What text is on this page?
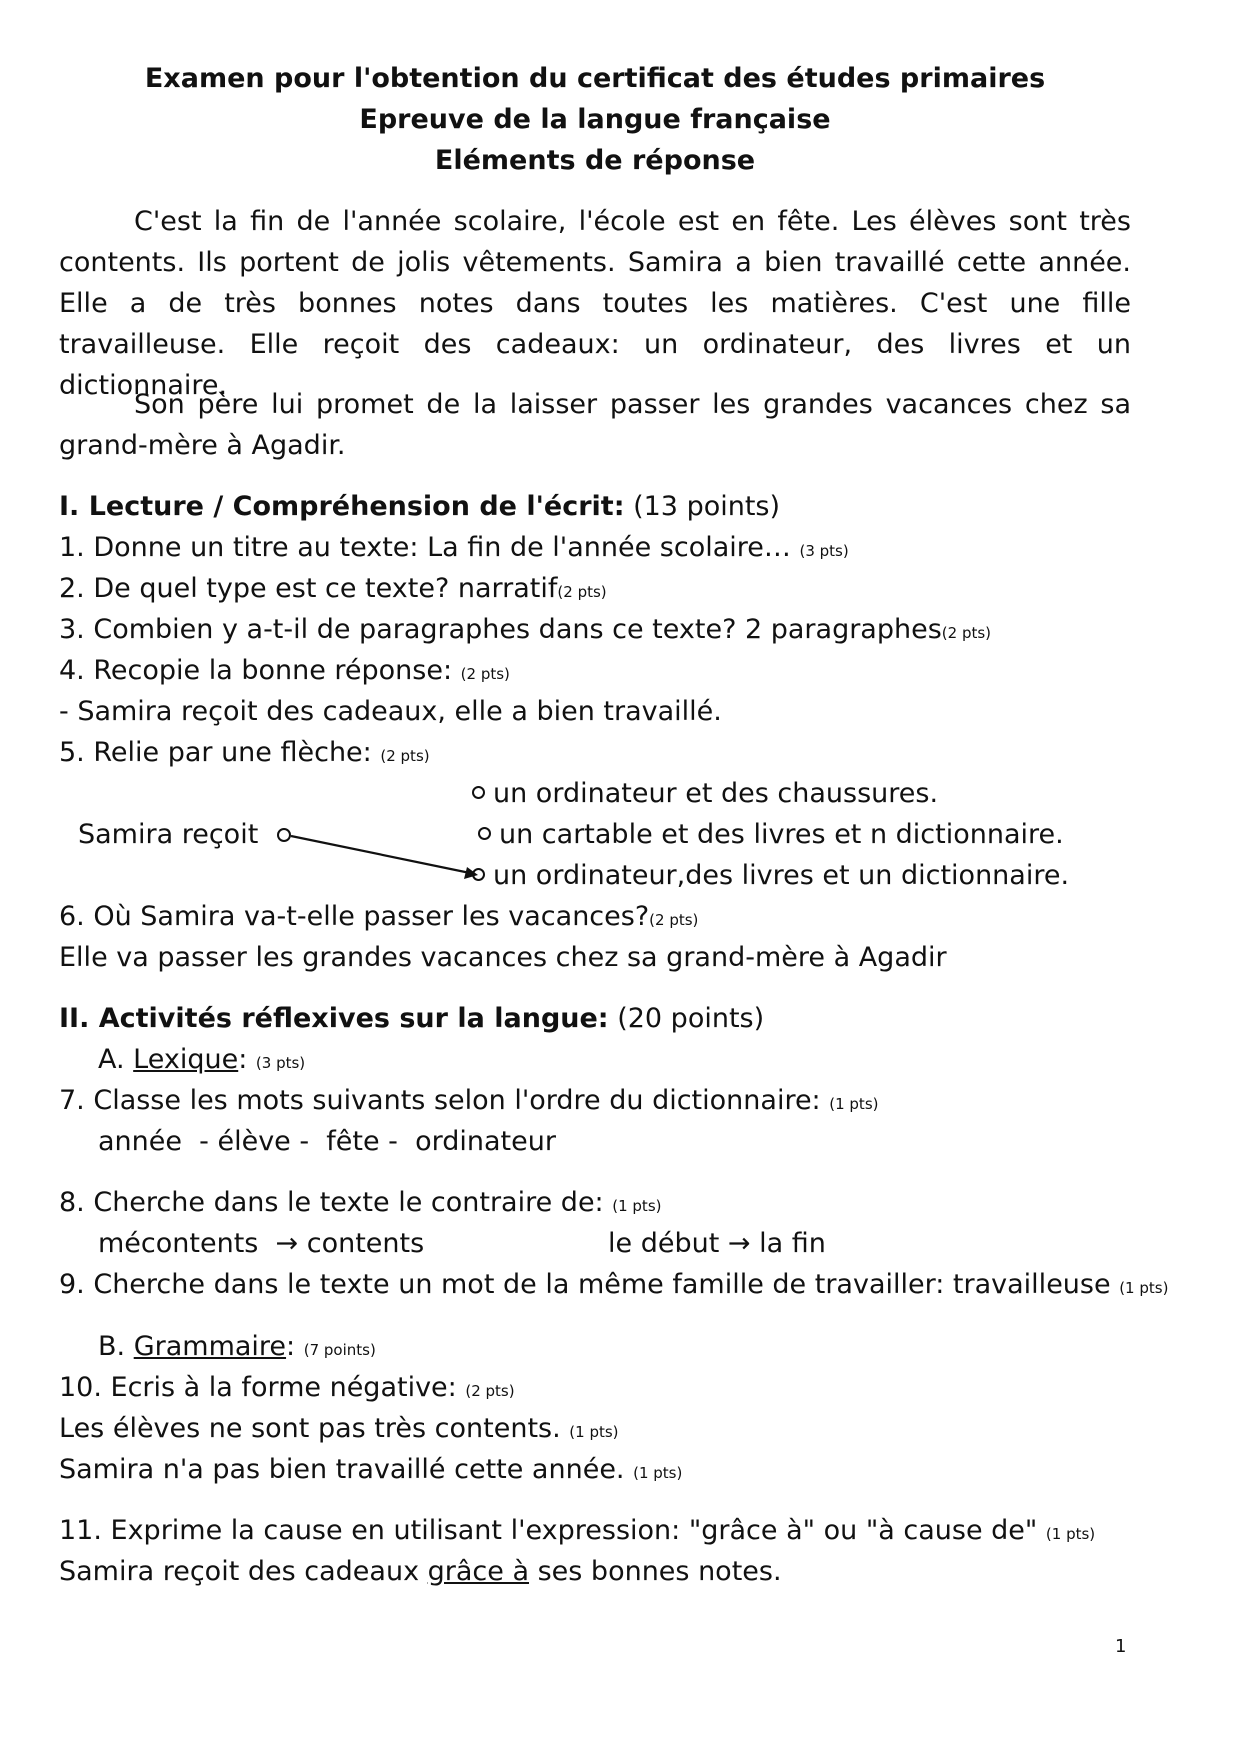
Examen pour l'obtention du certificat des études primaires
Epreuve de la langue française
Eléments de réponse

C'est la fin de l'année scolaire, l'école est en fête. Les élèves sont très contents. Ils portent de jolis vêtements. Samira a bien travaillé cette année. Elle a de très bonnes notes dans toutes les matières. C'est une fille travailleuse. Elle reçoit des cadeaux: un ordinateur, des livres et un dictionnaire.

Son père lui promet de la laisser passer les grandes vacances chez sa grand-mère à Agadir.

I. Lecture / Compréhension de l'écrit: (13 points)
1. Donne un titre au texte: La fin de l'année scolaire… (3 pts)
2. De quel type est ce texte? narratif(2 pts)
3. Combien y a-t-il de paragraphes dans ce texte? 2 paragraphes(2 pts)
4. Recopie la bonne réponse: (2 pts)
- Samira reçoit des cadeaux, elle a bien travaillé.
5. Relie par une flèche: (2 pts)
un ordinateur et des chaussures.
Samira reçoit	un cartable et des livres et n dictionnaire.
un ordinateur,des livres et un dictionnaire.
6. Où Samira va-t-elle passer les vacances?(2 pts)
Elle va passer les grandes vacances chez sa grand-mère à Agadir
II. Activités réflexives sur la langue: (20 points)
A. Lexique: (3 pts)
7. Classe les mots suivants selon l'ordre du dictionnaire: (1 pts)
année  - élève -  fête -  ordinateur
8. Cherche dans le texte le contraire de: (1 pts)
mécontents  → contents	le début → la fin
9. Cherche dans le texte un mot de la même famille de travailler: travailleuse (1 pts)
B. Grammaire: (7 points)
10. Ecris à la forme négative: (2 pts)
Les élèves ne sont pas très contents. (1 pts)
Samira n'a pas bien travaillé cette année. (1 pts)
11. Exprime la cause en utilisant l'expression: "grâce à" ou "à cause de" (1 pts)
Samira reçoit des cadeaux grâce à ses bonnes notes.
1
